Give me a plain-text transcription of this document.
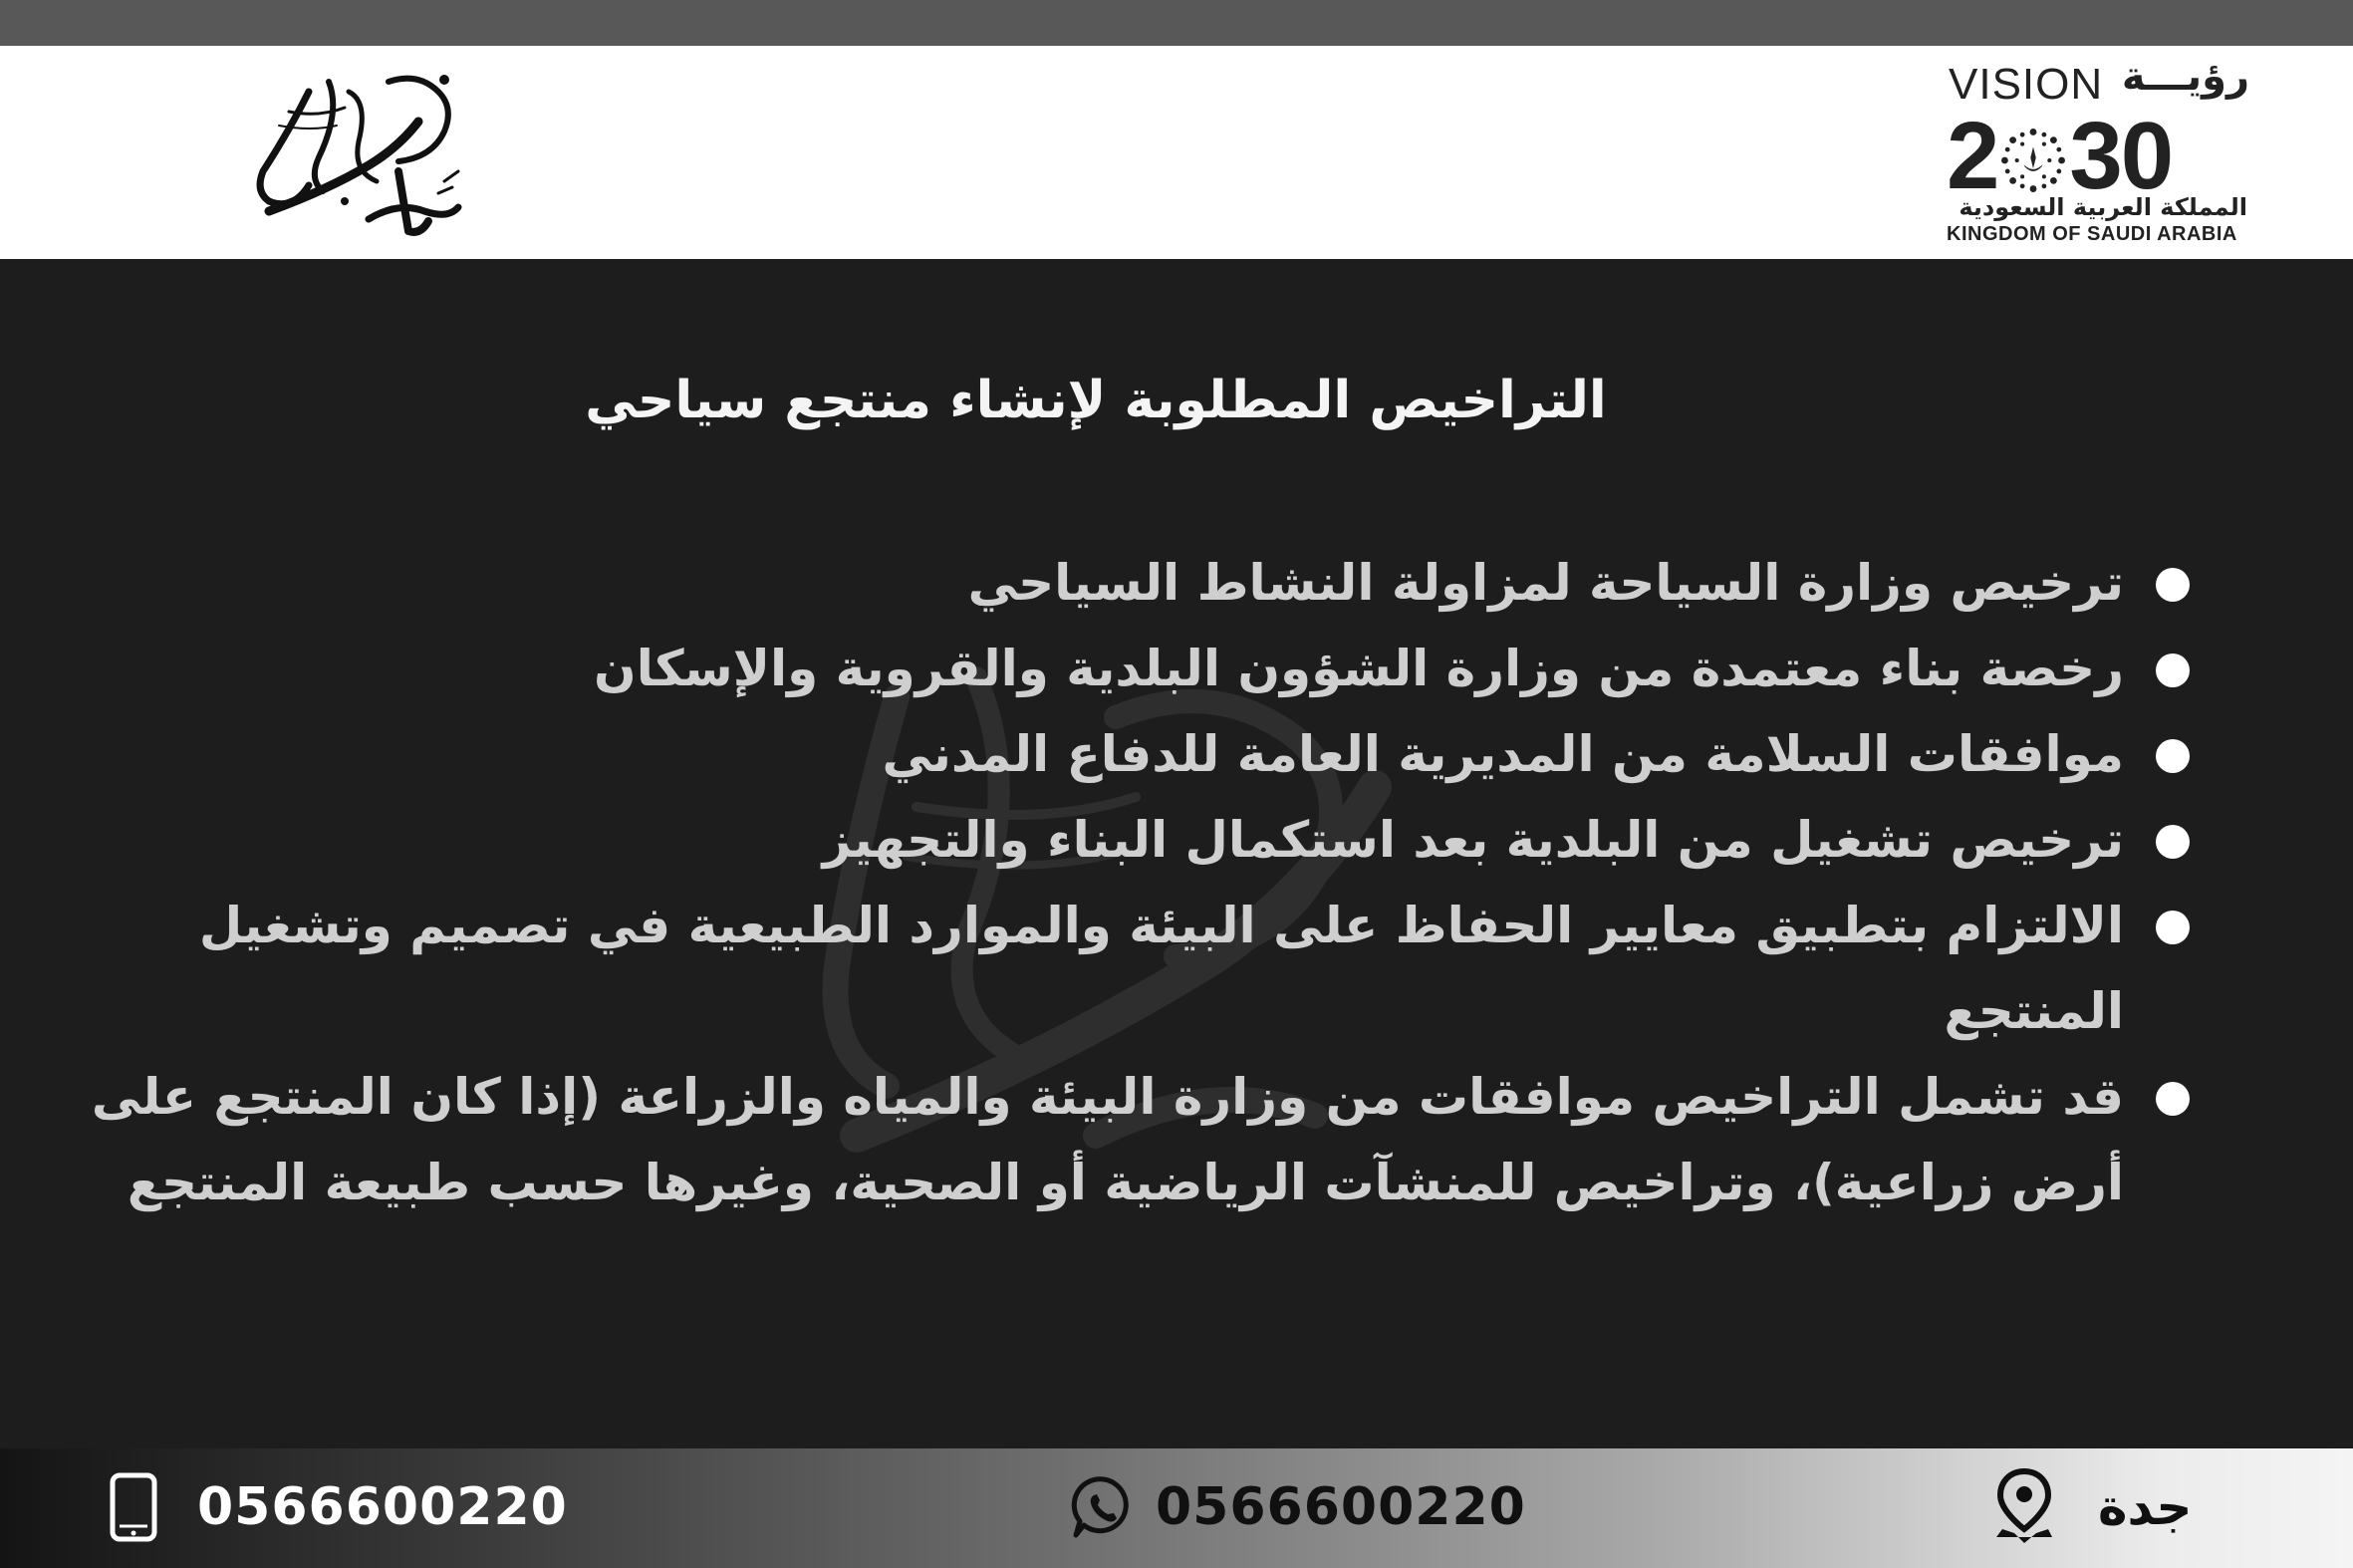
VISION رؤيـــة
2 30
المملكة العربية السعودية
KINGDOM OF SAUDI ARABIA
التراخيص المطلوبة لإنشاء منتجع سياحي
ترخيص وزارة السياحة لمزاولة النشاط السياحي
رخصة بناء معتمدة من وزارة الشؤون البلدية والقروية والإسكان
موافقات السلامة من المديرية العامة للدفاع المدني
ترخيص تشغيل من البلدية بعد استكمال البناء والتجهيز
الالتزام بتطبيق معايير الحفاظ على البيئة والموارد الطبيعية في تصميم وتشغيل المنتجع
قد تشمل التراخيص موافقات من وزارة البيئة والمياه والزراعة (إذا كان المنتجع على أرض زراعية)، وتراخيص للمنشآت الرياضية أو الصحية، وغيرها حسب طبيعة المنتجع
0566600220	0566600220	جدة
